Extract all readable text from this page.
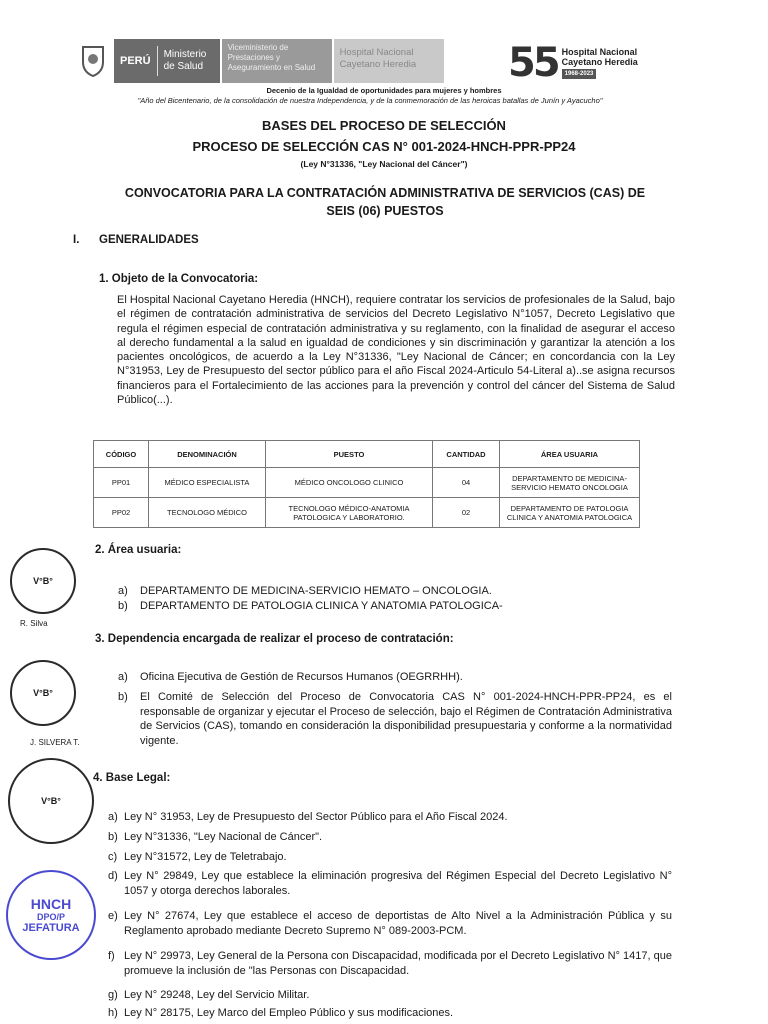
PERÚ
Ministerio de Salud
Viceministerio de Prestaciones y Aseguramiento en Salud
Hospital Nacional Cayetano Heredia	55 Hospital Nacional Cayetano Heredia
1968-2023
Decenio de la Igualdad de oportunidades para mujeres y hombres
"Año del Bicentenario, de la consolidación de nuestra Independencia, y de la conmemoración de las heroicas batallas de Junín y Ayacucho"
BASES DEL PROCESO DE SELECCIÓN
PROCESO DE SELECCIÓN CAS N° 001-2024-HNCH-PPR-PP24
(Ley N°31336, "Ley Nacional del Cáncer")
CONVOCATORIA PARA LA CONTRATACIÓN ADMINISTRATIVA DE SERVICIOS (CAS) DE SEIS (06) PUESTOS
I. GENERALIDADES
1. Objeto de la Convocatoria:
El Hospital Nacional Cayetano Heredia (HNCH), requiere contratar los servicios de profesionales de la Salud, bajo el régimen de contratación administrativa de servicios del Decreto Legislativo N°1057, Decreto Legislativo que regula el régimen especial de contratación administrativa y su reglamento, con la finalidad de asegurar el acceso al derecho fundamental a la salud en igualdad de condiciones y sin discriminación y garantizar la atención a los pacientes oncológicos, de acuerdo a la Ley N°31336, "Ley Nacional de Cáncer; en concordancia con la Ley N°31953, Ley de Presupuesto del sector público para el año Fiscal 2024-Articulo 54-Literal a)..se asigna recursos financieros para el Fortalecimiento de las acciones para la prevención y control del cáncer del Sistema de Salud Público(...).
CÓDIGO	DENOMINACIÓN	PUESTO	CANTIDAD	ÁREA USUARIA
PP01	MÉDICO ESPECIALISTA	MÉDICO ONCOLOGO CLINICO	04	DEPARTAMENTO DE MEDICINA-SERVICIO HEMATO ONCOLOGIA
PP02	TECNOLOGO MÉDICO	TECNOLOGO MÉDICO-ANATOMIA PATOLOGICA Y LABORATORIO.	02	DEPARTAMENTO DE PATOLOGIA CLINICA Y ANATOMIA PATOLOGICA
2. Área usuaria:
a) DEPARTAMENTO DE MEDICINA-SERVICIO HEMATO – ONCOLOGIA.
b) DEPARTAMENTO DE PATOLOGIA CLINICA Y ANATOMIA PATOLOGICA-
3. Dependencia encargada de realizar el proceso de contratación:
a) Oficina Ejecutiva de Gestión de Recursos Humanos (OEGRRHH).
b)	El Comité de Selección del Proceso de Convocatoria CAS N° 001-2024-HNCH-PPR-PP24, es el responsable de organizar y ejecutar el Proceso de selección, bajo el Régimen de Contratación Administrativa de Servicios (CAS), tomando en consideración la disponibilidad presupuestaria y conforme a la normatividad vigente.
4. Base Legal:
a) Ley N° 31953, Ley de Presupuesto del Sector Público para el Año Fiscal 2024.
b) Ley N°31336, "Ley Nacional de Cáncer".
c) Ley N°31572, Ley de Teletrabajo.
d) Ley N° 29849, Ley que establece la eliminación progresiva del Régimen Especial del Decreto Legislativo N° 1057 y otorga derechos laborales.
e) Ley N° 27674, Ley que establece el acceso de deportistas de Alto Nivel a la Administración Pública y su Reglamento aprobado mediante Decreto Supremo N° 089-2003-PCM.
f) Ley N° 29973, Ley General de la Persona con Discapacidad, modificada por el Decreto Legislativo N° 1417, que promueve la inclusión de "las Personas con Discapacidad.
g) Ley N° 29248, Ley del Servicio Militar.
h) Ley N° 28175, Ley Marco del Empleo Público y sus modificaciones.
V°B°
R. Silva
V°B°
J. SILVERA T.
V°B°
HNCH
DPO/P
JEFATURA
